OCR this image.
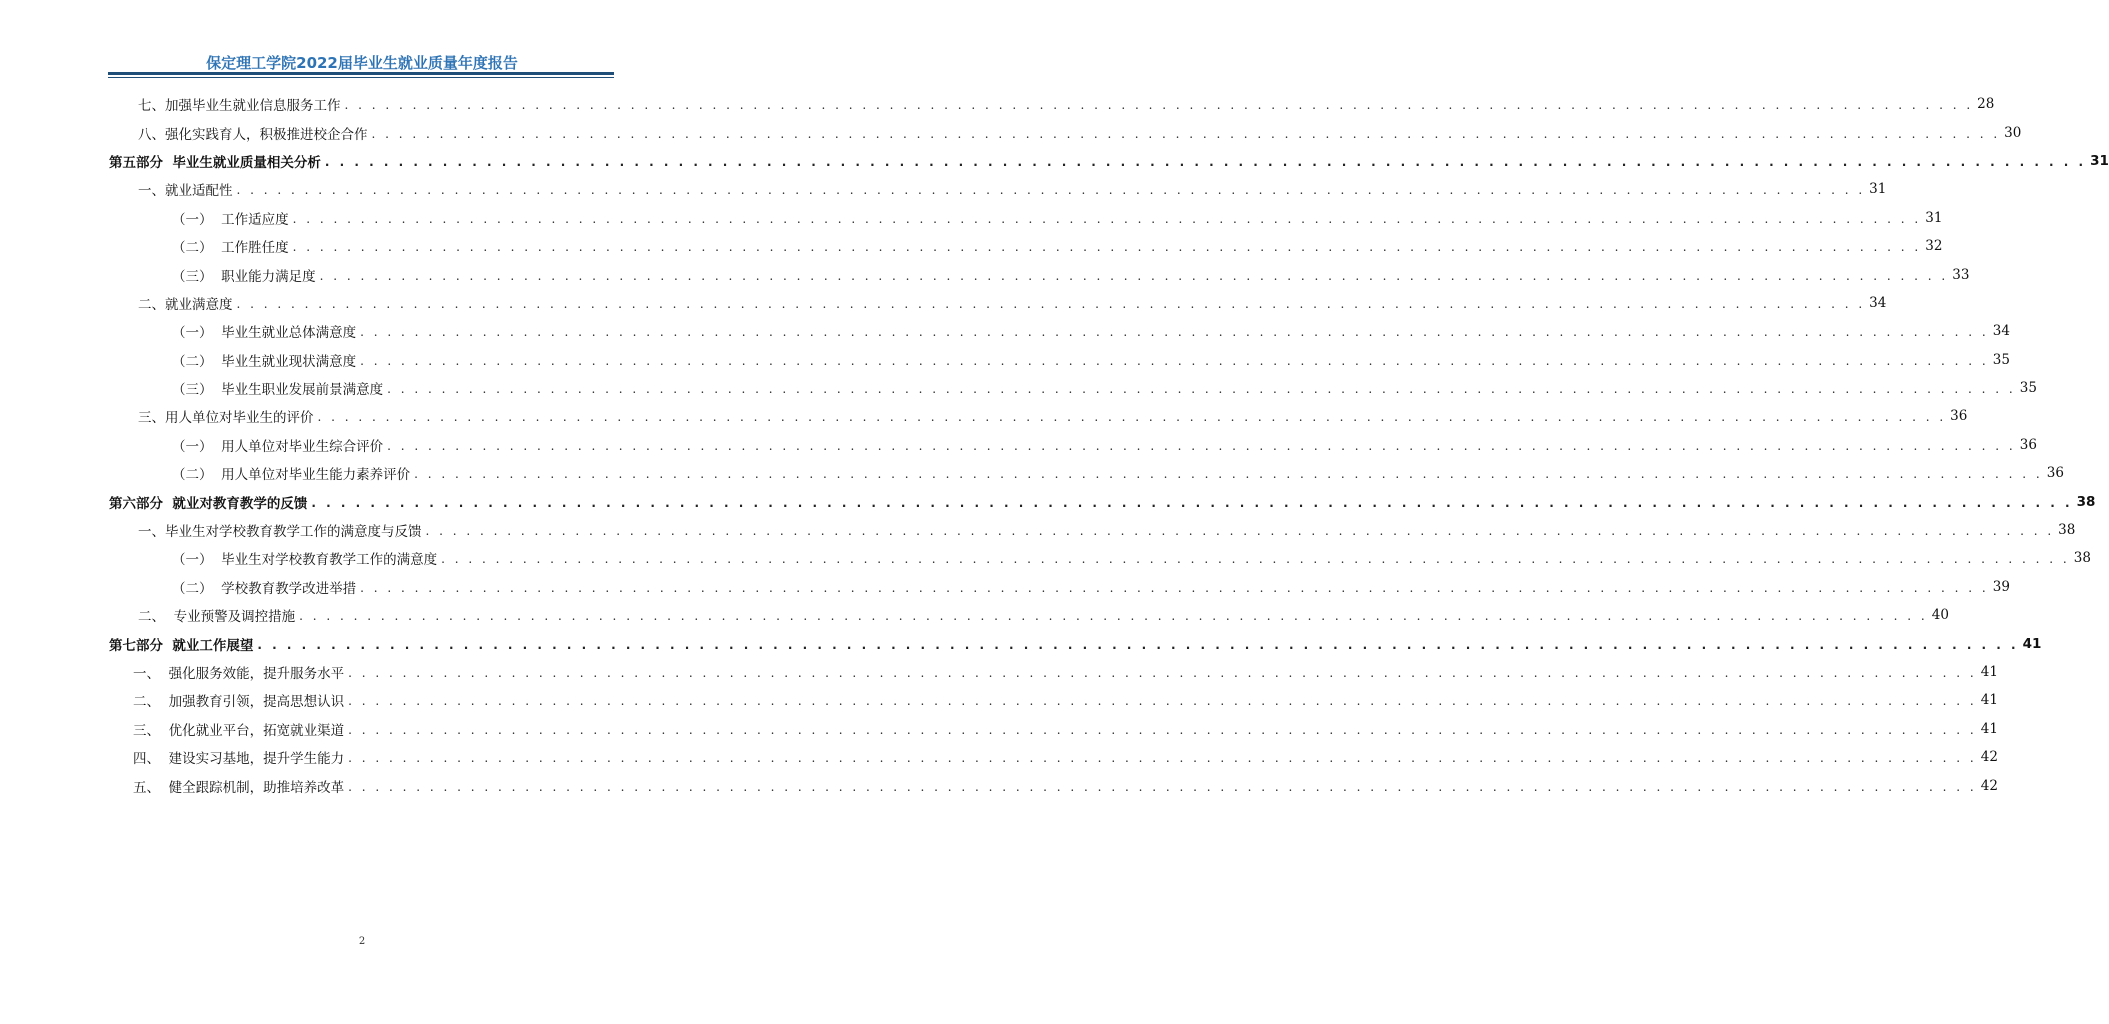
保定理工学院2022届毕业生就业质量年度报告
七、加强毕业生就业信息服务工作 . . . . . . . . . . . . . . . . . . . . . . . . . . . . . . . . . . . . . . . . . . . . . . . . . . . . . . . . . . . . . . . . . . . . . . . . . . . . . . . . . . . . . . . . . . . . . . . . . . . . . . . . . . . . . . . . . . . . . . . . 28
八、强化实践育人，积极推进校企合作 . . . . . . . . . . . . . . . . . . . . . . . . . . . . . . . . . . . . . . . . . . . . . . . . . . . . . . . . . . . . . . . . . . . . . . . . . . . . . . . . . . . . . . . . . . . . . . . . . . . . . . . . . . . . . . . . . . . . . . . . 30
第五部分  毕业生就业质量相关分析 . . . . . . . . . . . . . . . . . . . . . . . . . . . . . . . . . . . . . . . . . . . . . . . . . . . . . . . . . . . . . . . . . . . . . . . . . . . . . . . . . . . . . . . . . . . . . . . . . . . . . . . . . . . . . . . . . . . . . . . . 31
一、就业适配性 . . . . . . . . . . . . . . . . . . . . . . . . . . . . . . . . . . . . . . . . . . . . . . . . . . . . . . . . . . . . . . . . . . . . . . . . . . . . . . . . . . . . . . . . . . . . . . . . . . . . . . . . . . . . . . . . . . . . . . . . 31
（一）  工作适应度 . . . . . . . . . . . . . . . . . . . . . . . . . . . . . . . . . . . . . . . . . . . . . . . . . . . . . . . . . . . . . . . . . . . . . . . . . . . . . . . . . . . . . . . . . . . . . . . . . . . . . . . . . . . . . . . . . . . . . . . . 31
（二）  工作胜任度 . . . . . . . . . . . . . . . . . . . . . . . . . . . . . . . . . . . . . . . . . . . . . . . . . . . . . . . . . . . . . . . . . . . . . . . . . . . . . . . . . . . . . . . . . . . . . . . . . . . . . . . . . . . . . . . . . . . . . . . . 32
（三）  职业能力满足度 . . . . . . . . . . . . . . . . . . . . . . . . . . . . . . . . . . . . . . . . . . . . . . . . . . . . . . . . . . . . . . . . . . . . . . . . . . . . . . . . . . . . . . . . . . . . . . . . . . . . . . . . . . . . . . . . . . . . . . . . 33
二、就业满意度 . . . . . . . . . . . . . . . . . . . . . . . . . . . . . . . . . . . . . . . . . . . . . . . . . . . . . . . . . . . . . . . . . . . . . . . . . . . . . . . . . . . . . . . . . . . . . . . . . . . . . . . . . . . . . . . . . . . . . . . . 34
（一）  毕业生就业总体满意度 . . . . . . . . . . . . . . . . . . . . . . . . . . . . . . . . . . . . . . . . . . . . . . . . . . . . . . . . . . . . . . . . . . . . . . . . . . . . . . . . . . . . . . . . . . . . . . . . . . . . . . . . . . . . . . . . . . . . . . . . 34
（二）  毕业生就业现状满意度 . . . . . . . . . . . . . . . . . . . . . . . . . . . . . . . . . . . . . . . . . . . . . . . . . . . . . . . . . . . . . . . . . . . . . . . . . . . . . . . . . . . . . . . . . . . . . . . . . . . . . . . . . . . . . . . . . . . . . . . . 35
（三）  毕业生职业发展前景满意度 . . . . . . . . . . . . . . . . . . . . . . . . . . . . . . . . . . . . . . . . . . . . . . . . . . . . . . . . . . . . . . . . . . . . . . . . . . . . . . . . . . . . . . . . . . . . . . . . . . . . . . . . . . . . . . . . . . . . . . . . 35
三、用人单位对毕业生的评价 . . . . . . . . . . . . . . . . . . . . . . . . . . . . . . . . . . . . . . . . . . . . . . . . . . . . . . . . . . . . . . . . . . . . . . . . . . . . . . . . . . . . . . . . . . . . . . . . . . . . . . . . . . . . . . . . . . . . . . . . 36
（一）  用人单位对毕业生综合评价 . . . . . . . . . . . . . . . . . . . . . . . . . . . . . . . . . . . . . . . . . . . . . . . . . . . . . . . . . . . . . . . . . . . . . . . . . . . . . . . . . . . . . . . . . . . . . . . . . . . . . . . . . . . . . . . . . . . . . . . . 36
（二）  用人单位对毕业生能力素养评价 . . . . . . . . . . . . . . . . . . . . . . . . . . . . . . . . . . . . . . . . . . . . . . . . . . . . . . . . . . . . . . . . . . . . . . . . . . . . . . . . . . . . . . . . . . . . . . . . . . . . . . . . . . . . . . . . . . . . . . . . 36
第六部分  就业对教育教学的反馈 . . . . . . . . . . . . . . . . . . . . . . . . . . . . . . . . . . . . . . . . . . . . . . . . . . . . . . . . . . . . . . . . . . . . . . . . . . . . . . . . . . . . . . . . . . . . . . . . . . . . . . . . . . . . . . . . . . . . . . . . 38
一、毕业生对学校教育教学工作的满意度与反馈 . . . . . . . . . . . . . . . . . . . . . . . . . . . . . . . . . . . . . . . . . . . . . . . . . . . . . . . . . . . . . . . . . . . . . . . . . . . . . . . . . . . . . . . . . . . . . . . . . . . . . . . . . . . . . . . . . . . . . . . . 38
（一）  毕业生对学校教育教学工作的满意度 . . . . . . . . . . . . . . . . . . . . . . . . . . . . . . . . . . . . . . . . . . . . . . . . . . . . . . . . . . . . . . . . . . . . . . . . . . . . . . . . . . . . . . . . . . . . . . . . . . . . . . . . . . . . . . . . . . . . . . . . 38
（二）  学校教育教学改进举措 . . . . . . . . . . . . . . . . . . . . . . . . . . . . . . . . . . . . . . . . . . . . . . . . . . . . . . . . . . . . . . . . . . . . . . . . . . . . . . . . . . . . . . . . . . . . . . . . . . . . . . . . . . . . . . . . . . . . . . . . 39
二、  专业预警及调控措施 . . . . . . . . . . . . . . . . . . . . . . . . . . . . . . . . . . . . . . . . . . . . . . . . . . . . . . . . . . . . . . . . . . . . . . . . . . . . . . . . . . . . . . . . . . . . . . . . . . . . . . . . . . . . . . . . . . . . . . . . 40
第七部分  就业工作展望 . . . . . . . . . . . . . . . . . . . . . . . . . . . . . . . . . . . . . . . . . . . . . . . . . . . . . . . . . . . . . . . . . . . . . . . . . . . . . . . . . . . . . . . . . . . . . . . . . . . . . . . . . . . . . . . . . . . . . . . . 41
一、  强化服务效能，提升服务水平 . . . . . . . . . . . . . . . . . . . . . . . . . . . . . . . . . . . . . . . . . . . . . . . . . . . . . . . . . . . . . . . . . . . . . . . . . . . . . . . . . . . . . . . . . . . . . . . . . . . . . . . . . . . . . . . . . . . . . . . . 41
二、  加强教育引领，提高思想认识 . . . . . . . . . . . . . . . . . . . . . . . . . . . . . . . . . . . . . . . . . . . . . . . . . . . . . . . . . . . . . . . . . . . . . . . . . . . . . . . . . . . . . . . . . . . . . . . . . . . . . . . . . . . . . . . . . . . . . . . . 41
三、  优化就业平台，拓宽就业渠道 . . . . . . . . . . . . . . . . . . . . . . . . . . . . . . . . . . . . . . . . . . . . . . . . . . . . . . . . . . . . . . . . . . . . . . . . . . . . . . . . . . . . . . . . . . . . . . . . . . . . . . . . . . . . . . . . . . . . . . . . 41
四、  建设实习基地，提升学生能力 . . . . . . . . . . . . . . . . . . . . . . . . . . . . . . . . . . . . . . . . . . . . . . . . . . . . . . . . . . . . . . . . . . . . . . . . . . . . . . . . . . . . . . . . . . . . . . . . . . . . . . . . . . . . . . . . . . . . . . . . 42
五、  健全跟踪机制，助推培养改革 . . . . . . . . . . . . . . . . . . . . . . . . . . . . . . . . . . . . . . . . . . . . . . . . . . . . . . . . . . . . . . . . . . . . . . . . . . . . . . . . . . . . . . . . . . . . . . . . . . . . . . . . . . . . . . . . . . . . . . . . 42
2
